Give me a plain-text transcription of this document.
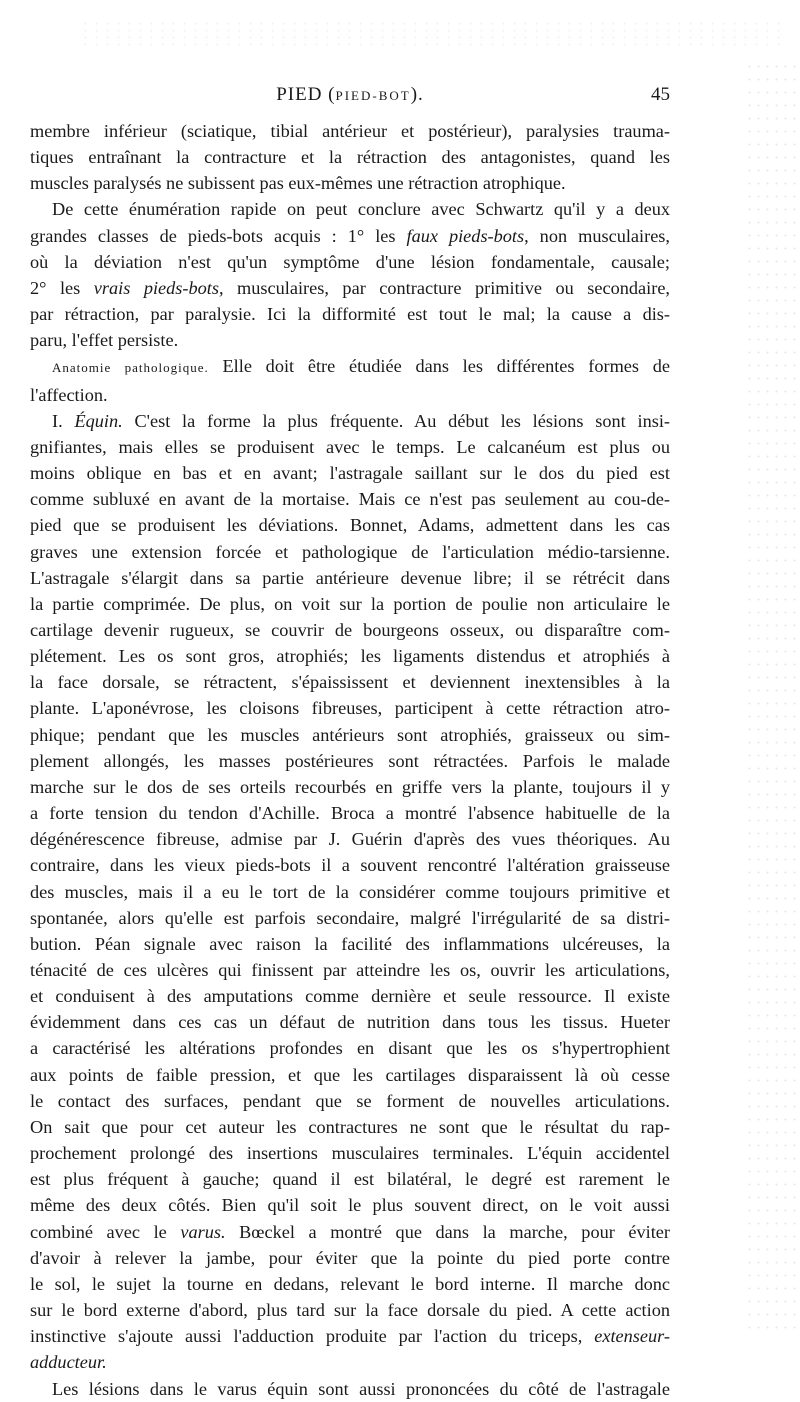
PIED (PIED-BOT).	45
membre inférieur (sciatique, tibial antérieur et postérieur), paralysies trauma-
tiques entraînant la contracture et la rétraction des antagonistes, quand les
muscles paralysés ne subissent pas eux-mêmes une rétraction atrophique.
De cette énumération rapide on peut conclure avec Schwartz qu'il y a deux
grandes classes de pieds-bots acquis : 1° les faux pieds-bots, non musculaires,
où la déviation n'est qu'un symptôme d'une lésion fondamentale, causale;
2° les vrais pieds-bots, musculaires, par contracture primitive ou secondaire,
par rétraction, par paralysie. Ici la difformité est tout le mal; la cause a dis-
paru, l'effet persiste.
Anatomie pathologique. Elle doit être étudiée dans les différentes formes de
l'affection.
I. Équin. C'est la forme la plus fréquente. Au début les lésions sont insi-
gnifiantes, mais elles se produisent avec le temps. Le calcanéum est plus ou
moins oblique en bas et en avant; l'astragale saillant sur le dos du pied est
comme subluxé en avant de la mortaise. Mais ce n'est pas seulement au cou-de-
pied que se produisent les déviations. Bonnet, Adams, admettent dans les cas
graves une extension forcée et pathologique de l'articulation médio-tarsienne.
L'astragale s'élargit dans sa partie antérieure devenue libre; il se rétrécit dans
la partie comprimée. De plus, on voit sur la portion de poulie non articulaire le
cartilage devenir rugueux, se couvrir de bourgeons osseux, ou disparaître com-
plétement. Les os sont gros, atrophiés; les ligaments distendus et atrophiés à
la face dorsale, se rétractent, s'épaississent et deviennent inextensibles à la
plante. L'aponévrose, les cloisons fibreuses, participent à cette rétraction atro-
phique; pendant que les muscles antérieurs sont atrophiés, graisseux ou sim-
plement allongés, les masses postérieures sont rétractées. Parfois le malade
marche sur le dos de ses orteils recourbés en griffe vers la plante, toujours il y
a forte tension du tendon d'Achille. Broca a montré l'absence habituelle de la
dégénérescence fibreuse, admise par J. Guérin d'après des vues théoriques. Au
contraire, dans les vieux pieds-bots il a souvent rencontré l'altération graisseuse
des muscles, mais il a eu le tort de la considérer comme toujours primitive et
spontanée, alors qu'elle est parfois secondaire, malgré l'irrégularité de sa distri-
bution. Péan signale avec raison la facilité des inflammations ulcéreuses, la
ténacité de ces ulcères qui finissent par atteindre les os, ouvrir les articulations,
et conduisent à des amputations comme dernière et seule ressource. Il existe
évidemment dans ces cas un défaut de nutrition dans tous les tissus. Hueter
a caractérisé les altérations profondes en disant que les os s'hypertrophient
aux points de faible pression, et que les cartilages disparaissent là où cesse
le contact des surfaces, pendant que se forment de nouvelles articulations.
On sait que pour cet auteur les contractures ne sont que le résultat du rap-
prochement prolongé des insertions musculaires terminales. L'équin accidentel
est plus fréquent à gauche; quand il est bilatéral, le degré est rarement le
même des deux côtés. Bien qu'il soit le plus souvent direct, on le voit aussi
combiné avec le varus. Bœckel a montré que dans la marche, pour éviter
d'avoir à relever la jambe, pour éviter que la pointe du pied porte contre
le sol, le sujet la tourne en dedans, relevant le bord interne. Il marche donc
sur le bord externe d'abord, plus tard sur la face dorsale du pied. A cette action
instinctive s'ajoute aussi l'adduction produite par l'action du triceps, extenseur-
adducteur.
Les lésions dans le varus équin sont aussi prononcées du côté de l'astragale
